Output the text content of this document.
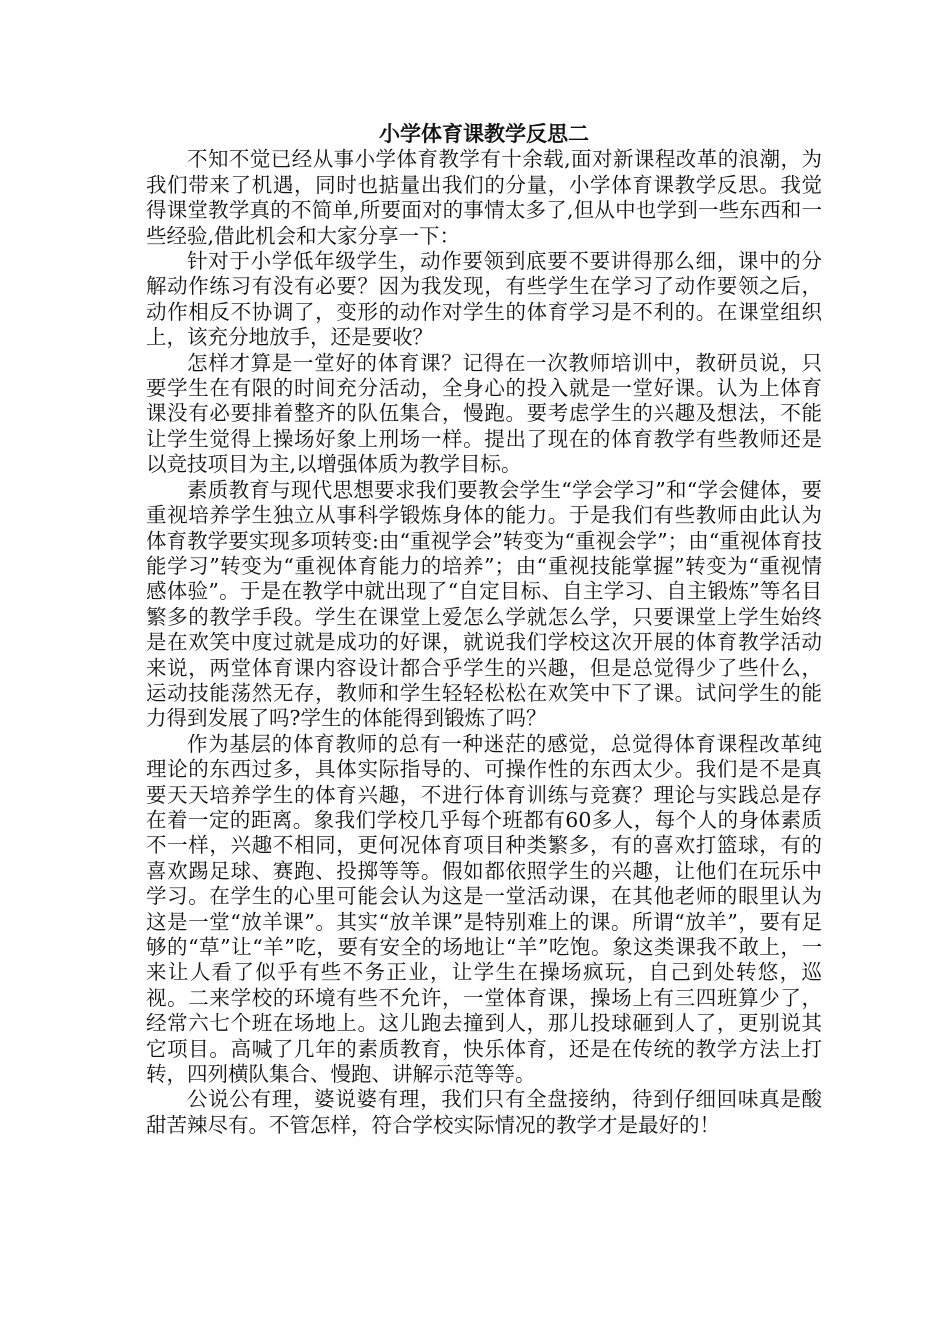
小学体育课教学反思二

不知不觉已经从事小学体育教学有十余载,面对新课程改革的浪潮，为我们带来了机遇，同时也掂量出我们的分量，小学体育课教学反思。我觉得课堂教学真的不简单,所要面对的事情太多了,但从中也学到一些东西和一些经验,借此机会和大家分享一下：

针对于小学低年级学生，动作要领到底要不要讲得那么细，课中的分解动作练习有没有必要？因为我发现，有些学生在学习了动作要领之后，动作相反不协调了，变形的动作对学生的体育学习是不利的。在课堂组织上，该充分地放手，还是要收？

怎样才算是一堂好的体育课？记得在一次教师培训中，教研员说，只要学生在有限的时间充分活动，全身心的投入就是一堂好课。认为上体育课没有必要排着整齐的队伍集合，慢跑。要考虑学生的兴趣及想法，不能让学生觉得上操场好象上刑场一样。提出了现在的体育教学有些教师还是以竞技项目为主,以增强体质为教学目标。

素质教育与现代思想要求我们要教会学生“学会学习”和“学会健体，要重视培养学生独立从事科学锻炼身体的能力。于是我们有些教师由此认为体育教学要实现多项转变:由“重视学会”转变为“重视会学”；由“重视体育技能学习”转变为“重视体育能力的培养”；由“重视技能掌握”转变为“重视情感体验”。于是在教学中就出现了“自定目标、自主学习、自主锻炼”等名目繁多的教学手段。学生在课堂上爱怎么学就怎么学，只要课堂上学生始终是在欢笑中度过就是成功的好课，就说我们学校这次开展的体育教学活动来说，两堂体育课内容设计都合乎学生的兴趣，但是总觉得少了些什么，运动技能荡然无存，教师和学生轻轻松松在欢笑中下了课。试问学生的能力得到发展了吗?学生的体能得到锻炼了吗？

作为基层的体育教师的总有一种迷茫的感觉，总觉得体育课程改革纯理论的东西过多，具体实际指导的、可操作性的东西太少。我们是不是真要天天培养学生的体育兴趣，不进行体育训练与竞赛？理论与实践总是存在着一定的距离。象我们学校几乎每个班都有60多人，每个人的身体素质不一样，兴趣不相同，更何况体育项目种类繁多，有的喜欢打篮球，有的喜欢踢足球、赛跑、投掷等等。假如都依照学生的兴趣，让他们在玩乐中学习。在学生的心里可能会认为这是一堂活动课，在其他老师的眼里认为这是一堂“放羊课”。其实“放羊课”是特别难上的课。所谓“放羊”，要有足够的“草”让“羊”吃，要有安全的场地让“羊”吃饱。象这类课我不敢上，一来让人看了似乎有些不务正业，让学生在操场疯玩，自己到处转悠，巡视。二来学校的环境有些不允许，一堂体育课，操场上有三四班算少了，经常六七个班在场地上。这儿跑去撞到人，那儿投球砸到人了，更别说其它项目。高喊了几年的素质教育，快乐体育，还是在传统的教学方法上打转，四列横队集合、慢跑、讲解示范等等。

公说公有理，婆说婆有理，我们只有全盘接纳，待到仔细回味真是酸甜苦辣尽有。不管怎样，符合学校实际情况的教学才是最好的！
